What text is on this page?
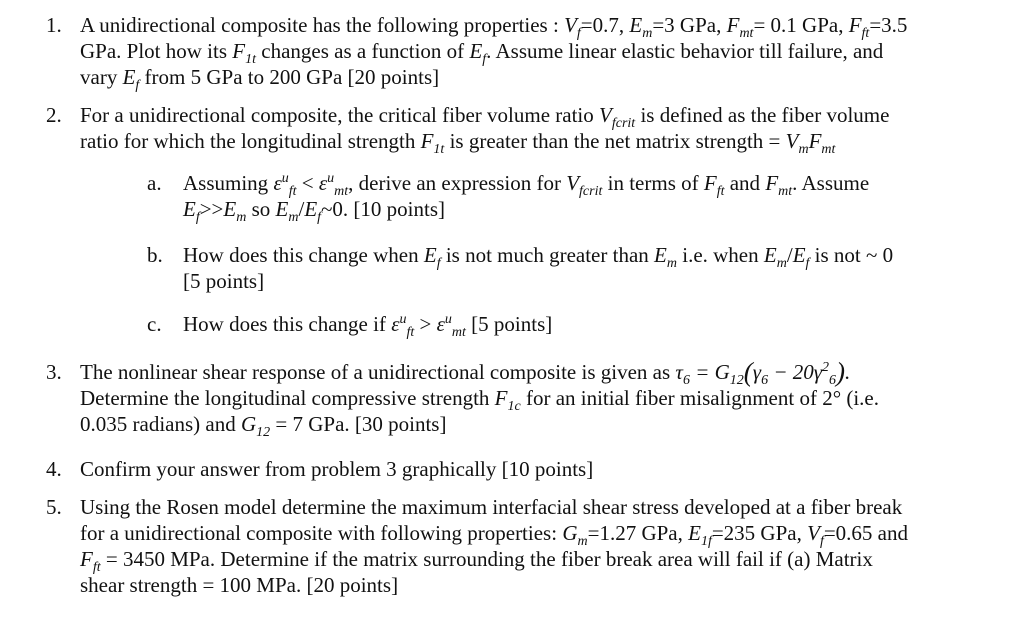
1. A unidirectional composite has the following properties : $V_f=0.7$, $E_m=3$ GPa, $F_{mt}= 0.1$ GPa, $F_{ft}=3.5$
GPa. Plot how its $F_{1t}$ changes as a function of $E_f$. Assume linear elastic behavior till failure, and
vary $E_f$ from 5 GPa to 200 GPa [20 points]
2. For a unidirectional composite, the critical fiber volume ratio $V_{fcrit}$ is defined as the fiber volume
ratio for which the longitudinal strength $F_{1t}$ is greater than the net matrix strength = $V_mF_{mt}$
a. Assuming $\varepsilon^u_{ft} < \varepsilon^u_{mt}$, derive an expression for $V_{fcrit}$ in terms of $F_{ft}$ and $F_{mt}$. Assume
$E_f>>E_m$ so $E_m/E_f\sim 0$. [10 points]
b. How does this change when $E_f$ is not much greater than $E_m$ i.e. when $E_m/E_f$ is not ~ 0
[5 points]
c. How does this change if $\varepsilon^u_{ft} > \varepsilon^u_{mt}$ [5 points]
3. The nonlinear shear response of a unidirectional composite is given as $\tau_6 = G_{12}(\gamma_6 - 20\gamma^2_6)$.
Determine the longitudinal compressive strength $F_{1c}$ for an initial fiber misalignment of 2° (i.e.
0.035 radians) and $G_{12} = 7$ GPa. [30 points]
4. Confirm your answer from problem 3 graphically [10 points]
5. Using the Rosen model determine the maximum interfacial shear stress developed at a fiber break
for a unidirectional composite with following properties: $G_m=1.27$ GPa, $E_{1f}=235$ GPa, $V_f=0.65$ and
$F_{ft} = 3450$ MPa. Determine if the matrix surrounding the fiber break area will fail if (a) Matrix
shear strength = 100 MPa. [20 points]
